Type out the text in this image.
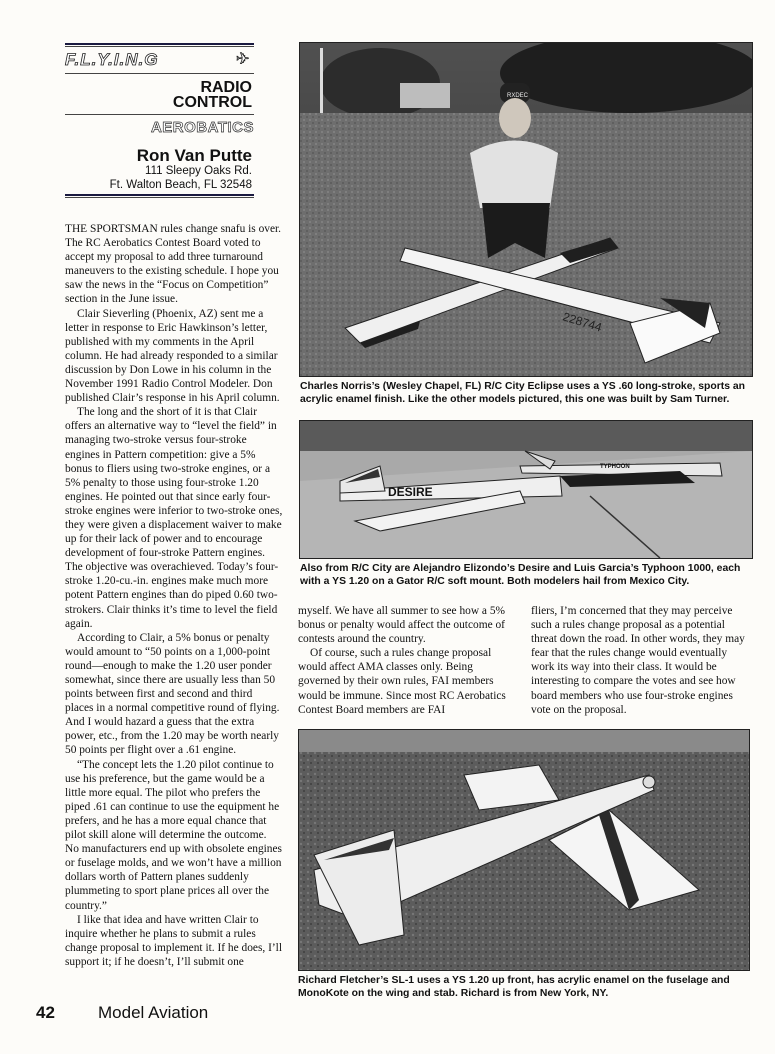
F.L.Y.I.N.G	✈
RADIO
CONTROL
AEROBATICS
Ron Van Putte
111 Sleepy Oaks Rd.
Ft. Walton Beach, FL 32548

THE SPORTSMAN rules change snafu is over. The RC Aerobatics Contest Board voted to accept my proposal to add three turnaround maneuvers to the existing schedule. I hope you saw the news in the “Focus on Competition” section in the June issue.

Clair Sieverling (Phoenix, AZ) sent me a letter in response to Eric Hawkinson’s letter, published with my comments in the April column. He had already responded to a similar discussion by Don Lowe in his column in the November 1991 Radio Control Modeler. Don published Clair’s response in his April column.

The long and the short of it is that Clair offers an alternative way to “level the field” in managing two-stroke versus four-stroke engines in Pattern competition: give a 5% bonus to fliers using two-stroke engines, or a 5% penalty to those using four-stroke 1.20 engines. He pointed out that since early four-stroke engines were inferior to two-stroke ones, they were given a displacement waiver to make up for their lack of power and to encourage development of four-stroke Pattern engines. The objective was overachieved. Today’s four-stroke 1.20-cu.-in. engines make much more potent Pattern engines than do piped 0.60 two-strokers. Clair thinks it’s time to level the field again.

According to Clair, a 5% bonus or penalty would amount to “50 points on a 1,000-point round—enough to make the 1.20 user ponder somewhat, since there are usually less than 50 points between first and second and third places in a normal competitive round of flying. And I would hazard a guess that the extra power, etc., from the 1.20 may be worth nearly 50 points per flight over a .61 engine.

“The concept lets the 1.20 pilot continue to use his preference, but the game would be a little more equal. The pilot who prefers the piped .61 can continue to use the equipment he prefers, and he has a more equal chance that pilot skill alone will determine the outcome. No manufacturers end up with obsolete engines or fuselage molds, and we won’t have a million dollars worth of Pattern planes suddenly plummeting to sport plane prices all over the country.”

I like that idea and have written Clair to inquire whether he plans to submit a rules change proposal to implement it. If he does, I’ll support it; if he doesn’t, I’ll submit one

228744
RXDEC
Charles Norris’s (Wesley Chapel, FL) R/C City Eclipse uses a YS .60 long-stroke, sports an acrylic enamel finish. Like the other models pictured, this one was built by Sam Turner.
DESIRE
TYPHOON
Also from R/C City are Alejandro Elizondo’s Desire and Luis Garcia’s Typhoon 1000, each with a YS 1.20 on a Gator R/C soft mount. Both modelers hail from Mexico City.

myself. We have all summer to see how a 5% bonus or penalty would affect the outcome of contests around the country.

Of course, such a rules change proposal would affect AMA classes only. Being governed by their own rules, FAI members would be immune. Since most RC Aerobatics Contest Board members are FAI

fliers, I’m concerned that they may perceive such a rules change proposal as a potential threat down the road. In other words, they may fear that the rules change would eventually work its way into their class. It would be interesting to compare the votes and see how board members who use four-stroke engines vote on the proposal.

Richard Fletcher’s SL-1 uses a YS 1.20 up front, has acrylic enamel on the fuselage and MonoKote on the wing and stab. Richard is from New York, NY.
42	Model Aviation
